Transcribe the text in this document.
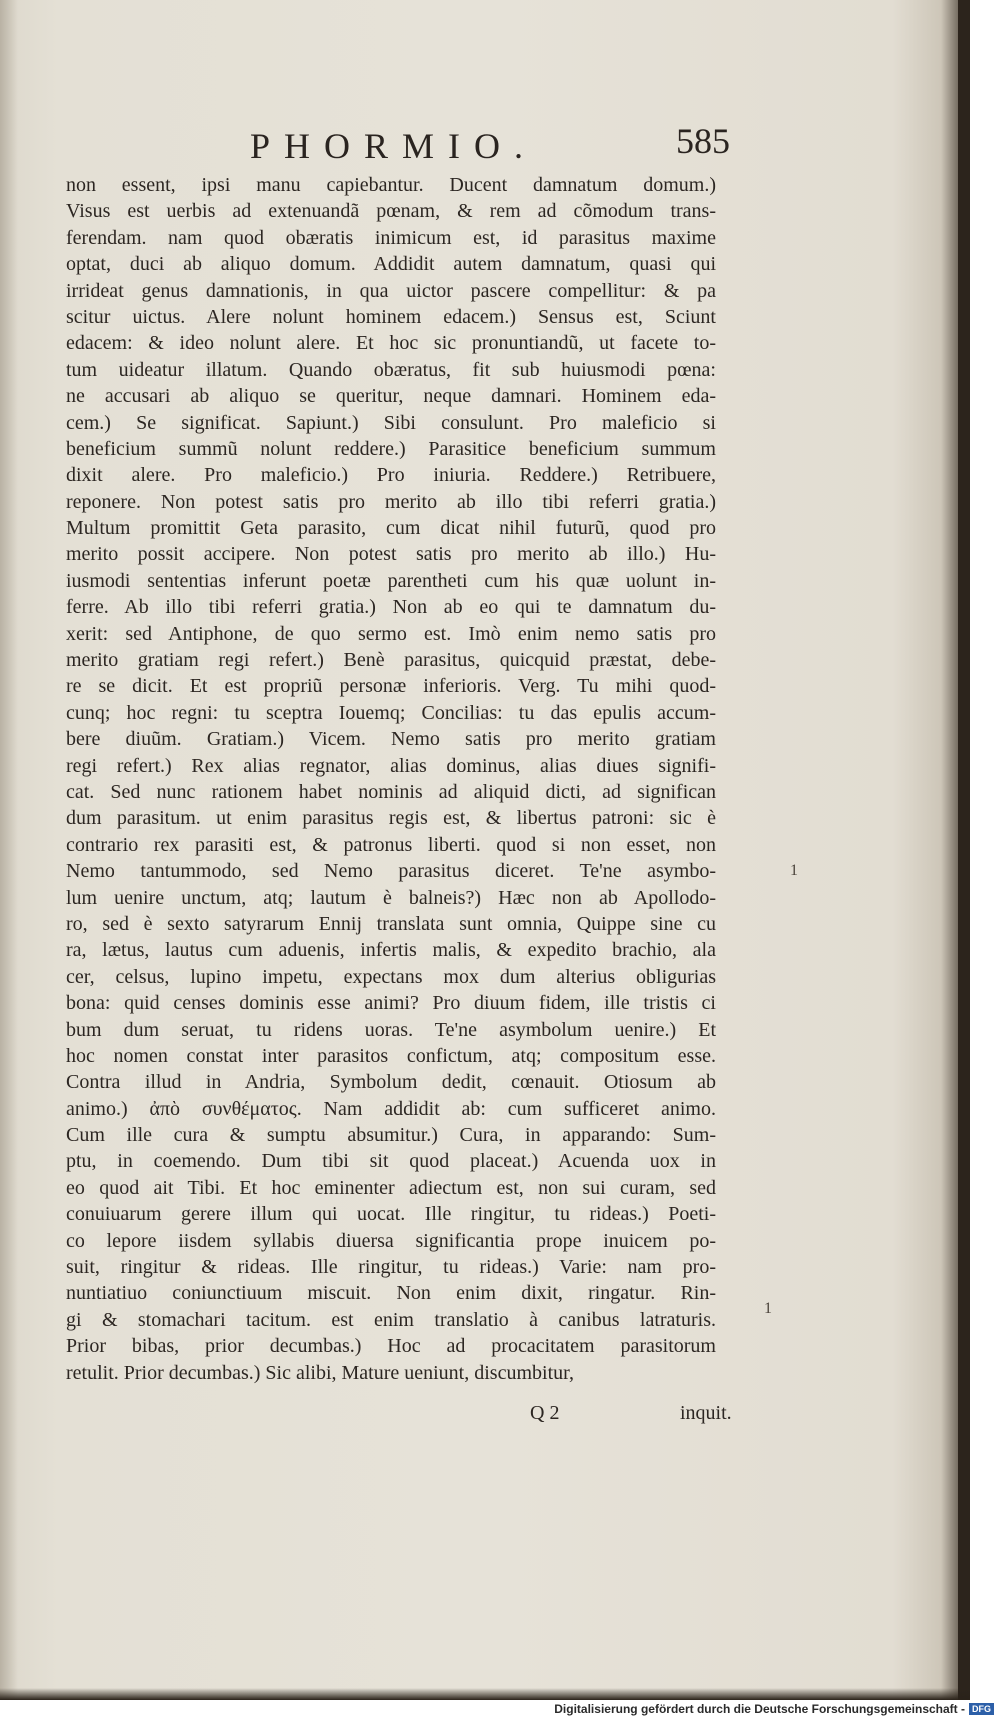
PHORMIO.	585
non essent, ipsi manu capiebantur. Ducent damnatum domum.)
Visus est uerbis ad extenuandã pœnam, & rem ad cõmodum trans-
ferendam. nam quod obæratis inimicum est, id parasitus maxime
optat, duci ab aliquo domum. Addidit autem damnatum, quasi qui
irrideat genus damnationis, in qua uictor pascere compellitur: & pa
scitur uictus. Alere nolunt hominem edacem.) Sensus est, Sciunt
edacem: & ideo nolunt alere. Et hoc sic pronuntiandũ, ut facete to-
tum uideatur illatum. Quando obæratus, fit sub huiusmodi pœna:
ne accusari ab aliquo se queritur, neque damnari. Hominem eda-
cem.) Se significat. Sapiunt.) Sibi consulunt. Pro maleficio si
beneficium summũ nolunt reddere.) Parasitice beneficium summum
dixit alere. Pro maleficio.) Pro iniuria. Reddere.) Retribuere,
reponere. Non potest satis pro merito ab illo tibi referri gratia.)
Multum promittit Geta parasito, cum dicat nihil futurũ, quod pro
merito possit accipere. Non potest satis pro merito ab illo.) Hu-
iusmodi sententias inferunt poetæ parentheti cum his quæ uolunt in-
ferre. Ab illo tibi referri gratia.) Non ab eo qui te damnatum du-
xerit: sed Antiphone, de quo sermo est. Imò enim nemo satis pro
merito gratiam regi refert.) Benè parasitus, quicquid præstat, debe-
re se dicit. Et est propriũ personæ inferioris. Verg. Tu mihi quod-
cunq; hoc regni: tu sceptra Iouemq; Concilias: tu das epulis accum-
bere diuũm. Gratiam.) Vicem. Nemo satis pro merito gratiam
regi refert.) Rex alias regnator, alias dominus, alias diues signifi-
cat. Sed nunc rationem habet nominis ad aliquid dicti, ad significan
dum parasitum. ut enim parasitus regis est, & libertus patroni: sic è
contrario rex parasiti est, & patronus liberti. quod si non esset, non
Nemo tantummodo, sed Nemo parasitus diceret. Te'ne asymbo-
lum uenire unctum, atq; lautum è balneis?) Hæc non ab Apollodo-
ro, sed è sexto satyrarum Ennij translata sunt omnia, Quippe sine cu
ra, lætus, lautus cum aduenis, infertis malis, & expedito brachio, ala
cer, celsus, lupino impetu, expectans mox dum alterius obligurias
bona: quid censes dominis esse animi? Pro diuum fidem, ille tristis ci
bum dum seruat, tu ridens uoras. Te'ne asymbolum uenire.) Et
hoc nomen constat inter parasitos confictum, atq; compositum esse.
Contra illud in Andria, Symbolum dedit, cœnauit. Otiosum ab
animo.) ἀπὸ συνθέματος. Nam addidit ab: cum sufficeret animo.
Cum ille cura & sumptu absumitur.) Cura, in apparando: Sum-
ptu, in coemendo. Dum tibi sit quod placeat.) Acuenda uox in
eo quod ait Tibi. Et hoc eminenter adiectum est, non sui curam, sed
conuiuarum gerere illum qui uocat. Ille ringitur, tu rideas.) Poeti-
co lepore iisdem syllabis diuersa significantia prope inuicem po-
suit, ringitur & rideas. Ille ringitur, tu rideas.) Varie: nam pro-
nuntiatiuo coniunctiuum miscuit. Non enim dixit, ringatur. Rin-
gi & stomachari tacitum. est enim translatio à canibus latraturis.
Prior bibas, prior decumbas.) Hoc ad procacitatem parasitorum
retulit. Prior decumbas.) Sic alibi, Mature ueniunt, discumbitur,
Q 2	inquit.
1
1
Digitalisierung gefördert durch die Deutsche Forschungsgemeinschaft - DFG
